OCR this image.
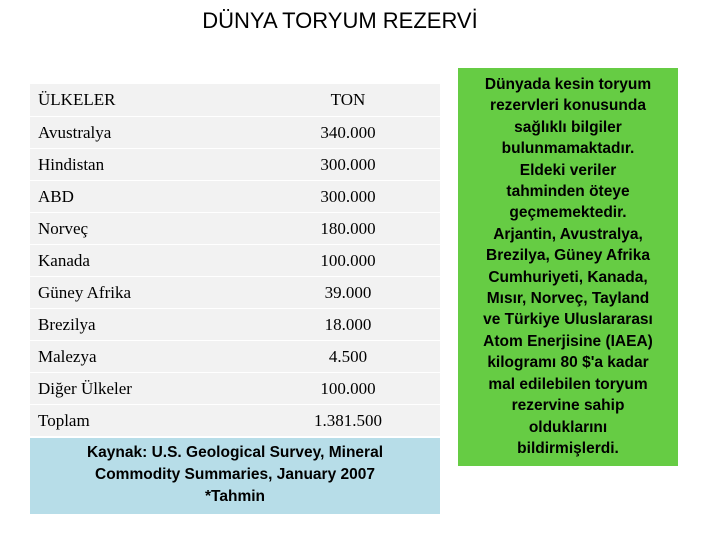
DÜNYA TORYUM REZERVİ
ÜLKELER	TON
Avustralya	340.000
Hindistan	300.000
ABD	300.000
Norveç	180.000
Kanada	100.000
Güney Afrika	39.000
Brezilya	18.000
Malezya	4.500
Diğer Ülkeler	100.000
Toplam	1.381.500
Kaynak: U.S. Geological Survey, Mineral
Commodity Summaries, January 2007
*Tahmin
Dünyada kesin toryum
rezervleri konusunda
sağlıklı bilgiler
bulunmamaktadır.
Eldeki veriler
tahminden öteye
geçmemektedir.
Arjantin, Avustralya,
Brezilya, Güney Afrika
Cumhuriyeti, Kanada,
Mısır, Norveç, Tayland
ve Türkiye Uluslararası
Atom Enerjisine (IAEA)
kilogramı 80 $'a kadar
mal edilebilen toryum
rezervine sahip
olduklarını
bildirmişlerdi.
